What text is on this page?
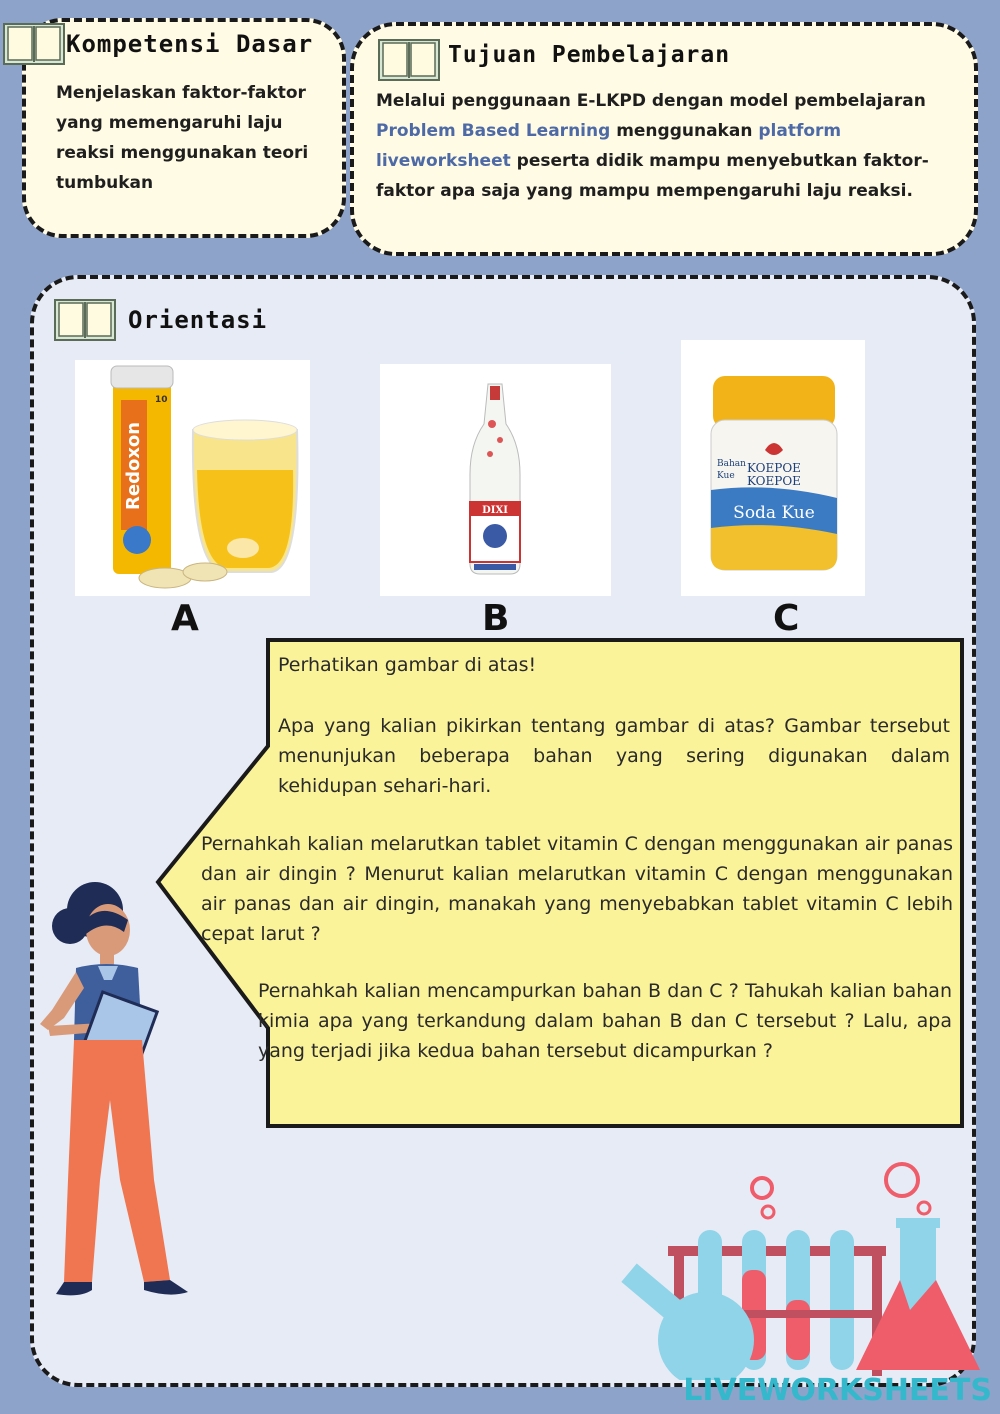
Kompetensi Dasar
Menjelaskan faktor-faktor yang memengaruhi laju reaksi menggunakan teori tumbukan
Tujuan Pembelajaran
Melalui penggunaan E-LKPD dengan model pembelajaran Problem Based Learning menggunakan platform liveworksheet peserta didik mampu menyebutkan faktor-faktor apa saja yang mampu mempengaruhi laju reaksi.
Orientasi
Redoxon
10
DIXI
KOEPOE
KOEPOE
Bahan
Kue
Soda Kue
A	B	C

Perhatikan gambar di atas!

Apa yang kalian pikirkan tentang gambar di atas? Gambar tersebut menunjukan beberapa bahan yang sering digunakan dalam kehidupan sehari-hari.

Pernahkah kalian melarutkan tablet vitamin C dengan menggunakan air panas dan air dingin ? Menurut kalian melarutkan vitamin C dengan menggunakan air panas dan air dingin, manakah yang menyebabkan tablet vitamin C lebih cepat larut ?

Pernahkah kalian mencampurkan bahan B dan C ? Tahukah kalian bahan kimia apa yang terkandung dalam bahan B dan C tersebut ? Lalu, apa yang terjadi jika kedua bahan tersebut dicampurkan ?

LIVEWORKSHEETS
